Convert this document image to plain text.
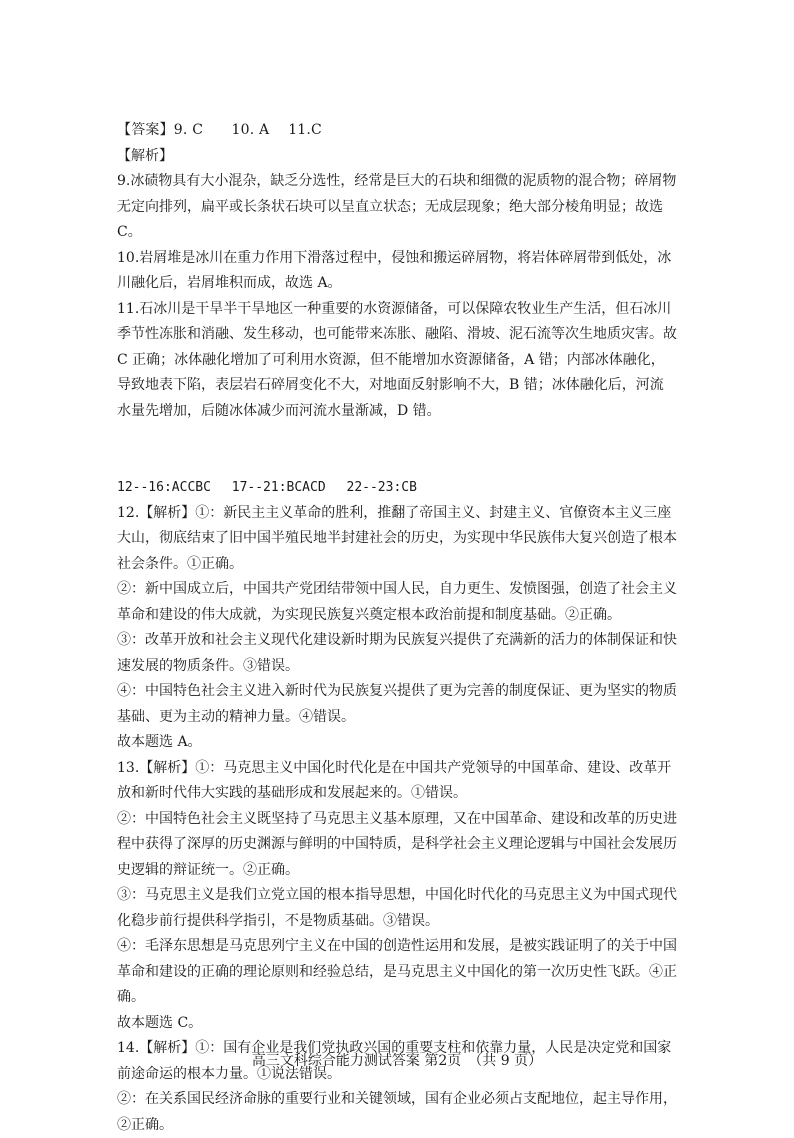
【答案】9. C　　10. A　 11.C

【解析】

9.冰碛物具有大小混杂，缺乏分选性，经常是巨大的石块和细微的泥质物的混合物；碎屑物无定向排列，扁平或长条状石块可以呈直立状态；无成层现象；绝大部分棱角明显；故选 C。

10.岩屑堆是冰川在重力作用下滑落过程中，侵蚀和搬运碎屑物，将岩体碎屑带到低处，冰川融化后，岩屑堆积而成，故选 A。

11.石冰川是干旱半干旱地区一种重要的水资源储备，可以保障农牧业生产生活，但石冰川季节性冻胀和消融、发生移动，也可能带来冻胀、融陷、滑坡、泥石流等次生地质灾害。故 C 正确；冰体融化增加了可利用水资源，但不能增加水资源储备，A 错；内部冰体融化，导致地表下陷，表层岩石碎屑变化不大，对地面反射影响不大，B 错；冰体融化后，河流水量先增加，后随冰体减少而河流水量渐减，D 错。

12--16:ACCBC　 17--21:BCACD　 22--23:CB

12.【解析】①：新民主主义革命的胜利，推翻了帝国主义、封建主义、官僚资本主义三座大山，彻底结束了旧中国半殖民地半封建社会的历史，为实现中华民族伟大复兴创造了根本社会条件。①正确。

②：新中国成立后，中国共产党团结带领中国人民，自力更生、发愤图强，创造了社会主义革命和建设的伟大成就，为实现民族复兴奠定根本政治前提和制度基础。②正确。

③：改革开放和社会主义现代化建设新时期为民族复兴提供了充满新的活力的体制保证和快速发展的物质条件。③错误。

④：中国特色社会主义进入新时代为民族复兴提供了更为完善的制度保证、更为坚实的物质基础、更为主动的精神力量。④错误。

故本题选 A。

13.【解析】①：马克思主义中国化时代化是在中国共产党领导的中国革命、建设、改革开放和新时代伟大实践的基础形成和发展起来的。①错误。

②：中国特色社会主义既坚持了马克思主义基本原理，又在中国革命、建设和改革的历史进程中获得了深厚的历史渊源与鲜明的中国特质，是科学社会主义理论逻辑与中国社会发展历史逻辑的辩证统一。②正确。

③：马克思主义是我们立党立国的根本指导思想，中国化时代化的马克思主义为中国式现代化稳步前行提供科学指引，不是物质基础。③错误。

④：毛泽东思想是马克思列宁主义在中国的创造性运用和发展，是被实践证明了的关于中国革命和建设的正确的理论原则和经验总结，是马克思主义中国化的第一次历史性飞跃。④正确。

故本题选 C。

14.【解析】①：国有企业是我们党执政兴国的重要支柱和依靠力量，人民是决定党和国家前途命运的根本力量。①说法错误。

②：在关系国民经济命脉的重要行业和关键领域，国有企业必须占支配地位，起主导作用，②正确。

高三文科综合能力测试答案 第2页　（共 9 页）
